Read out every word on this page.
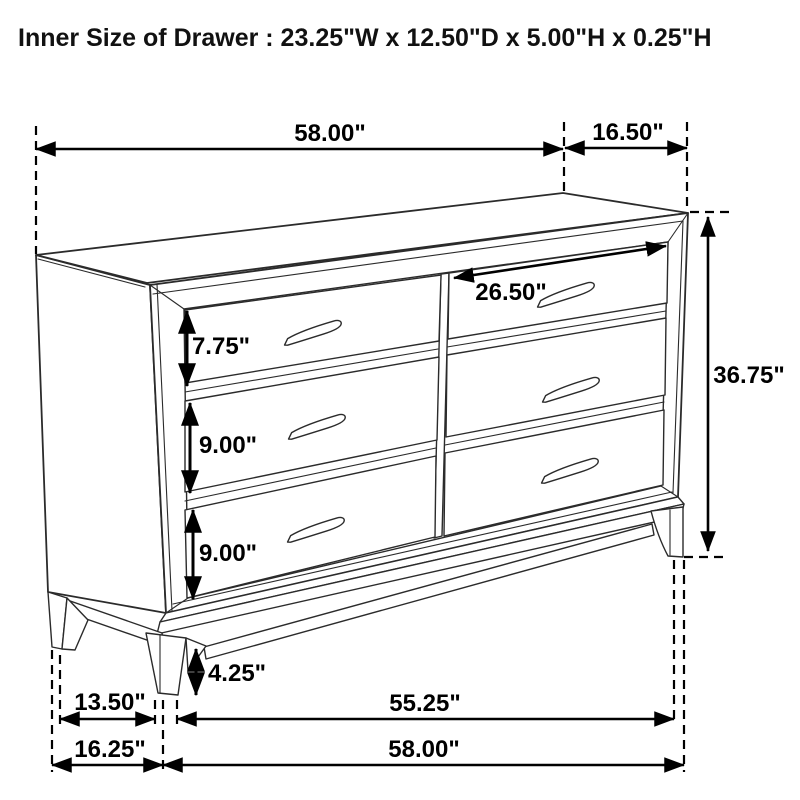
Inner Size of Drawer : 23.25"W x 12.50"D x 5.00"H x 0.25"H
58.00"	16.50"
26.50"
7.75"
9.00"
9.00"
36.75"
4.25"
13.50"
16.25"
55.25"
58.00"
